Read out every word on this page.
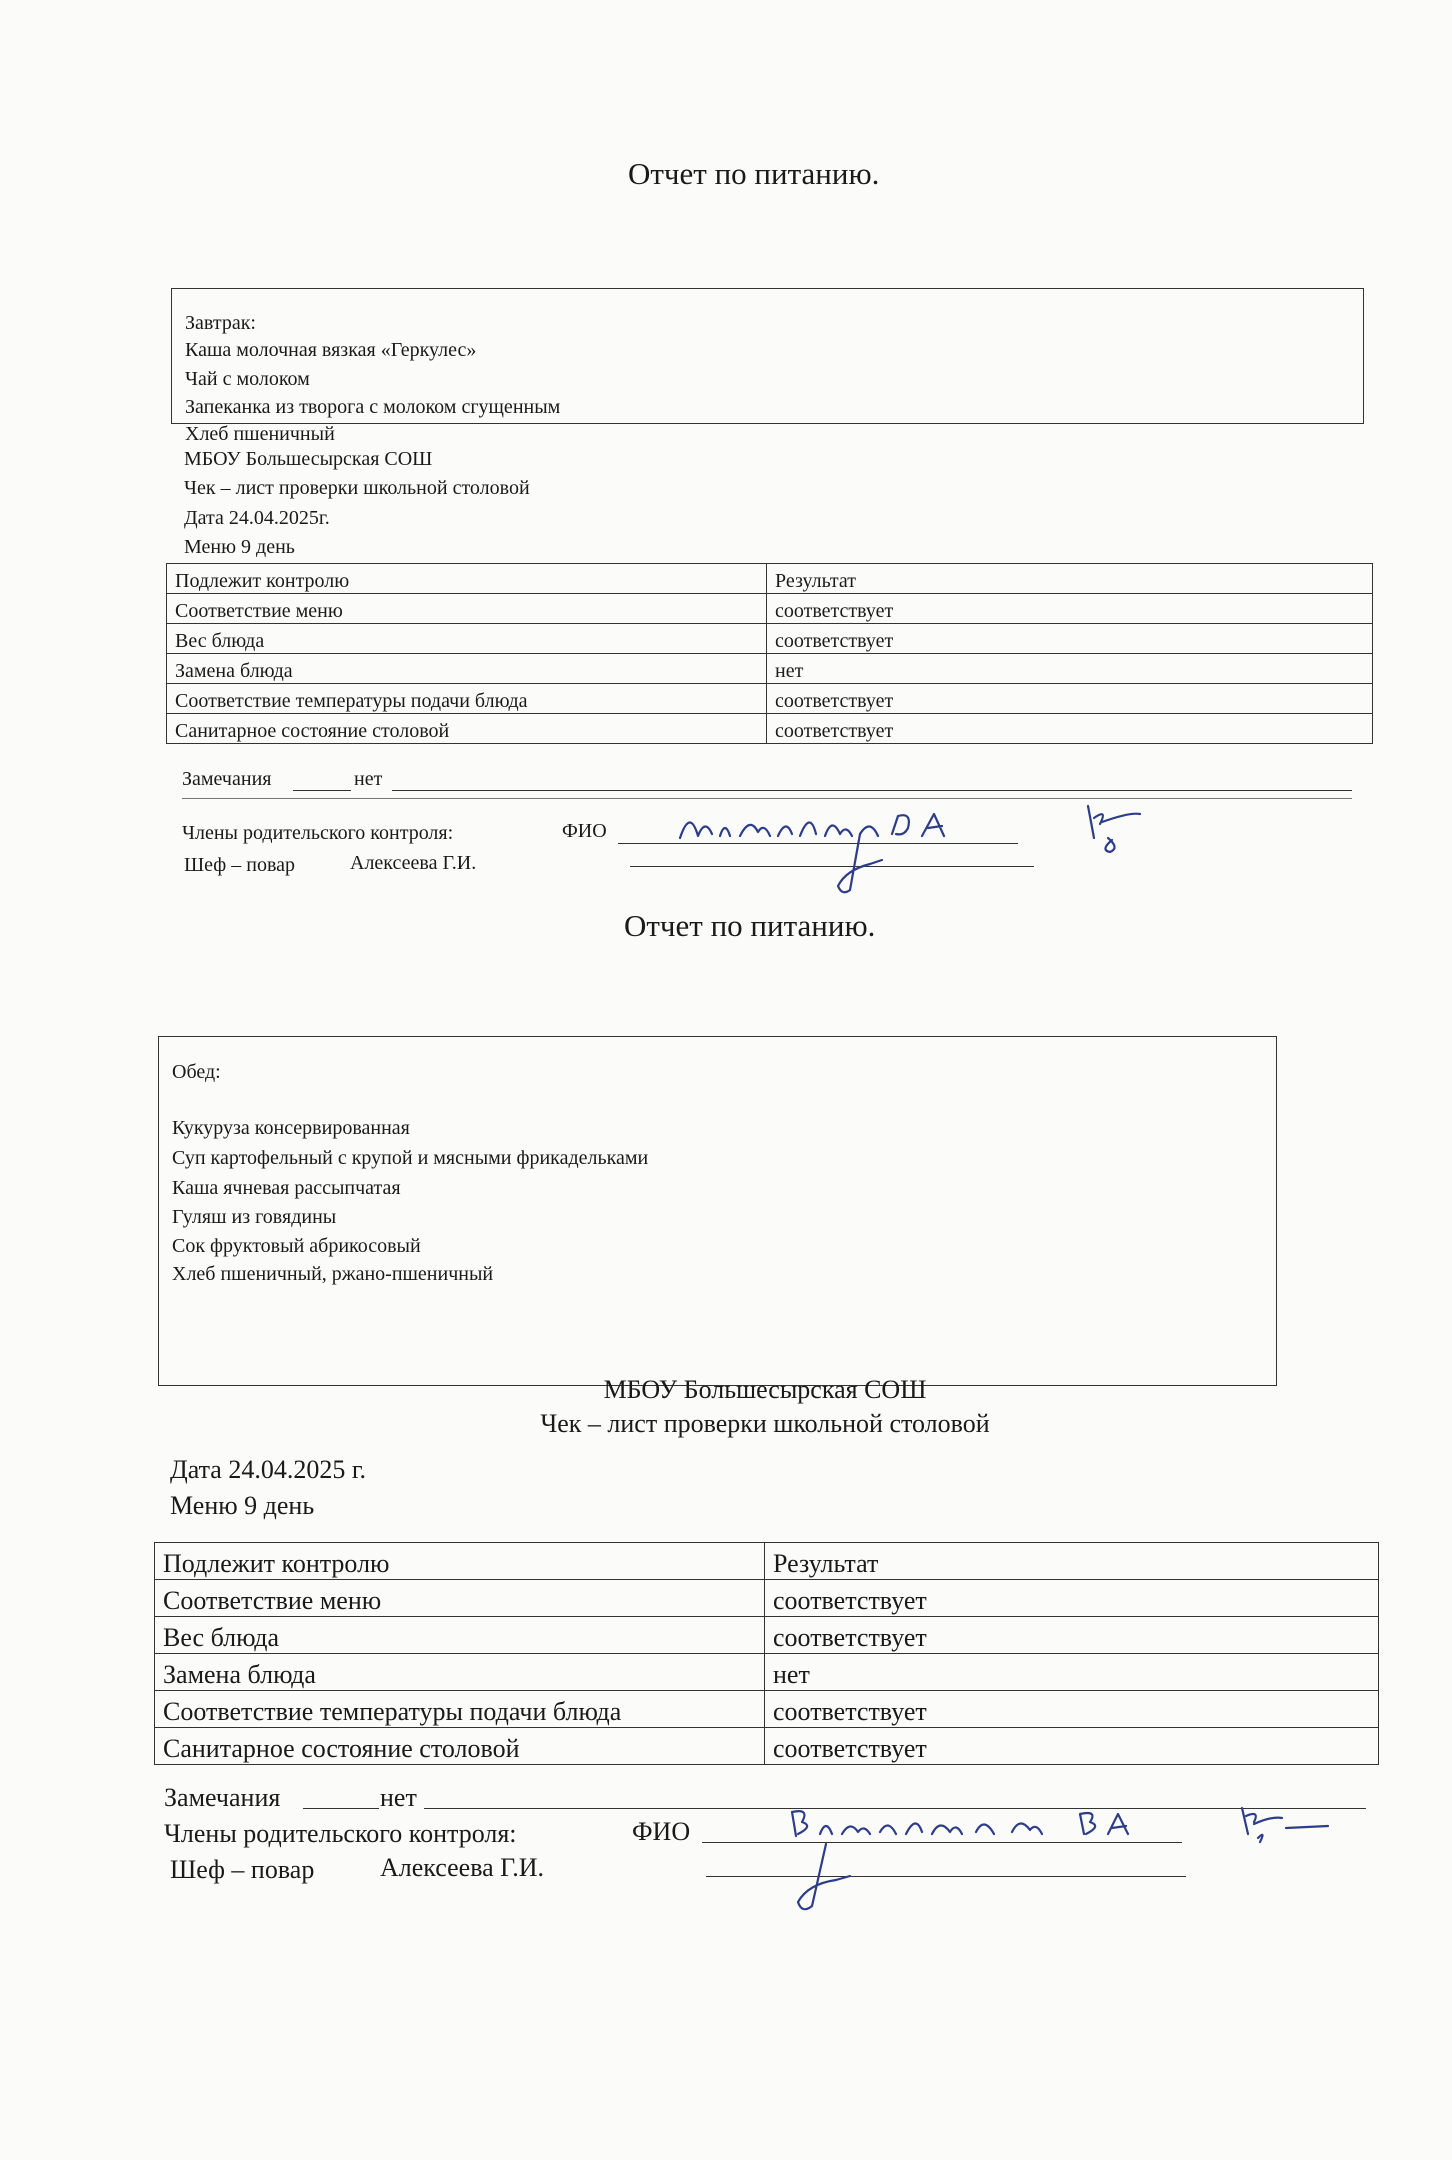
Отчет по питанию.
Завтрак:
Каша молочная вязкая «Геркулес»
Чай с молоком
Запеканка из творога с молоком сгущенным
Хлеб пшеничный
МБОУ Большесырская СОШ
Чек – лист проверки школьной столовой
Дата 24.04.2025г.
Меню 9 день
Подлежит контролю	Результат
Соответствие меню	соответствует
Вес блюда	соответствует
Замена блюда	нет
Соответствие температуры подачи блюда	соответствует
Санитарное состояние столовой	соответствует
Замечания	нет
Члены родительского контроля:	ФИО
Шеф – повар	Алексеева Г.И.
Отчет по питанию.
Обед:
Кукуруза консервированная
Суп картофельный с крупой и мясными фрикадельками
Каша ячневая рассыпчатая
Гуляш из говядины
Сок фруктовый абрикосовый
Хлеб пшеничный, ржано-пшеничный
МБОУ Большесырская СОШ
Чек – лист проверки школьной столовой
Дата 24.04.2025 г.
Меню 9 день
Подлежит контролю	Результат
Соответствие меню	соответствует
Вес блюда	соответствует
Замена блюда	нет
Соответствие температуры подачи блюда	соответствует
Санитарное состояние столовой	соответствует
Замечания	нет
Члены родительского контроля:	ФИО
Шеф – повар	Алексеева Г.И.
